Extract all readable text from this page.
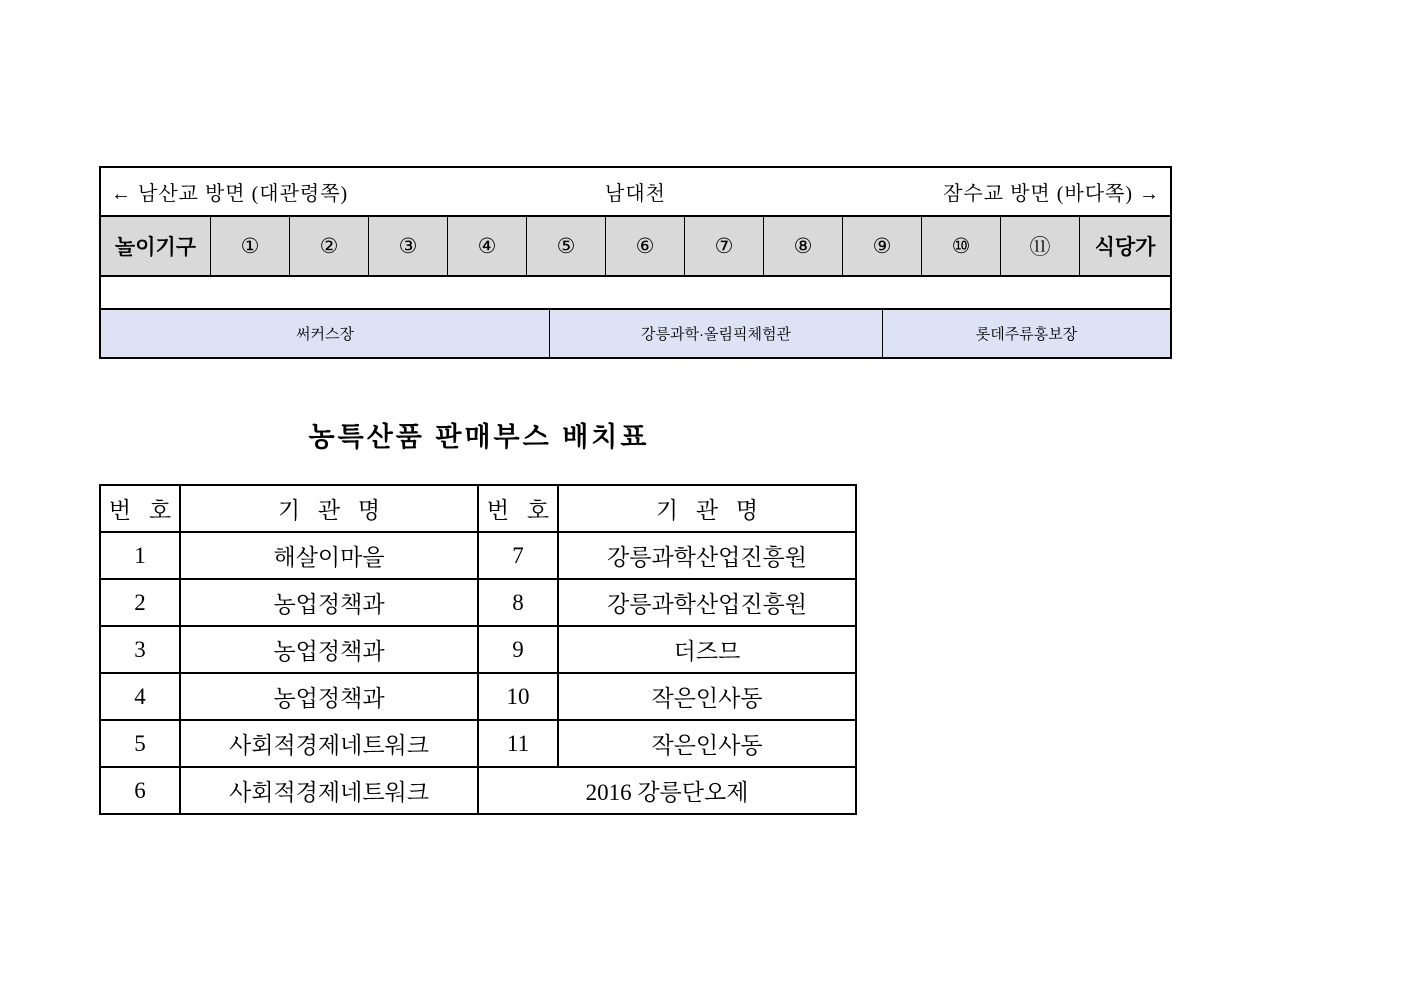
← 남산교 방면 (대관령쪽)	남대천	잠수교 방면 (바다쪽) →
놀이기구	①	②	③	④	⑤	⑥	⑦	⑧	⑨	⑩	⑪	식당가
써커스장	강릉과학·올림픽체험관	롯데주류홍보장
농특산품 판매부스 배치표
번 호	기 관 명	번 호	기 관 명
1	해살이마을	7	강릉과학산업진흥원
2	농업정책과	8	강릉과학산업진흥원
3	농업정책과	9	더즈므
4	농업정책과	10	작은인사동
5	사회적경제네트워크	11	작은인사동
6	사회적경제네트워크	2016 강릉단오제	
